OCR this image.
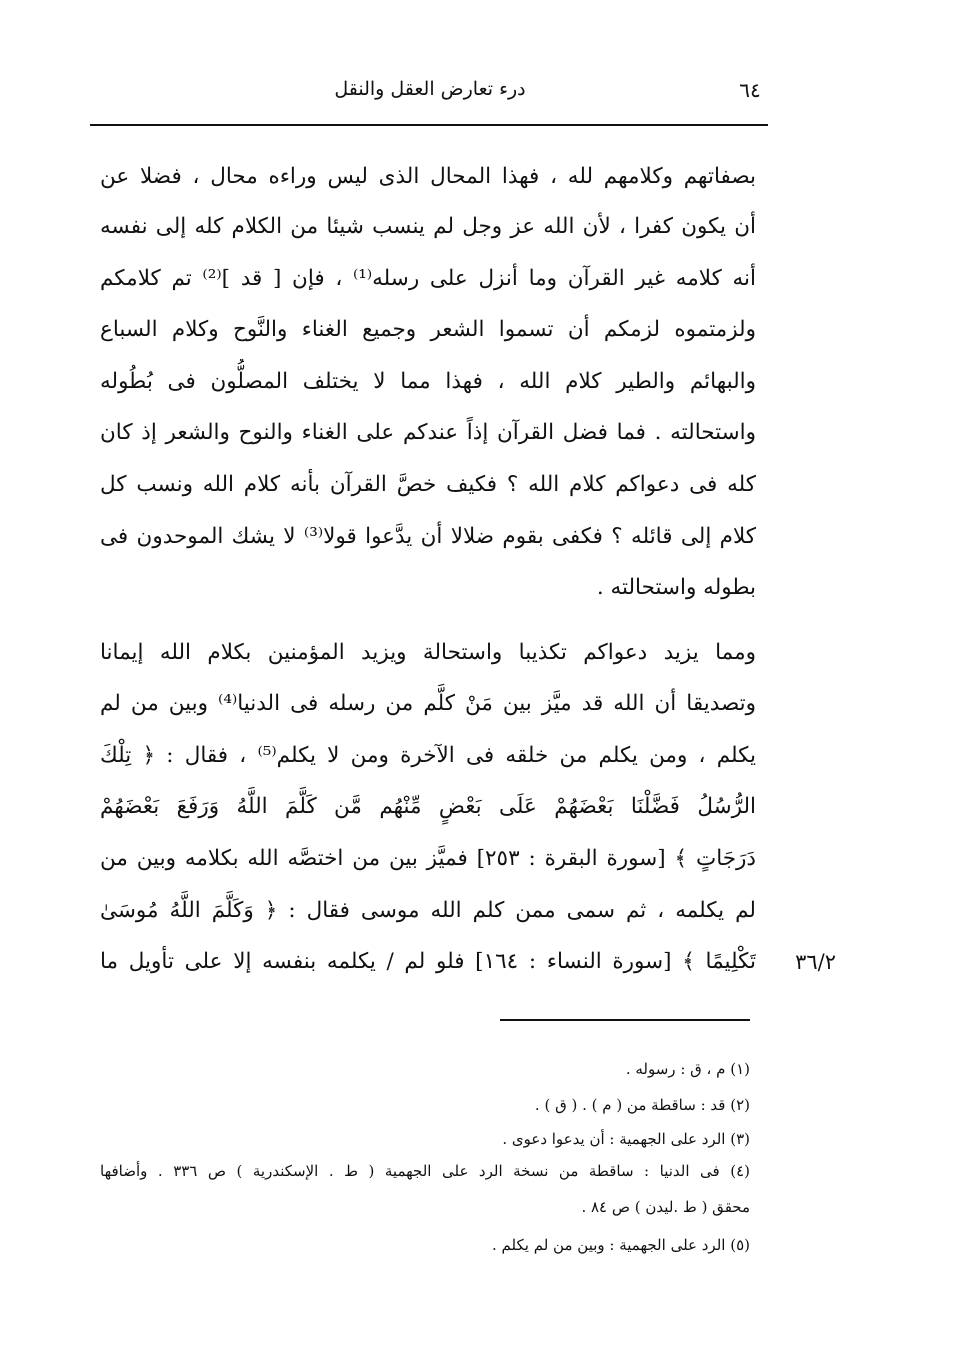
درء تعارض العقل والنقل	٦٤
بصفاتهم وكلامهم لله ، فهذا المحال الذى ليس وراءه محال ، فضلا عن
أن يكون كفرا ، لأن الله عز وجل لم ينسب شيئا من الكلام كله إلى نفسه
أنه كلامه غير القرآن وما أنزل على رسله⁽¹⁾ ، فإن [ قد ]⁽²⁾ تم كلامكم
ولزمتموه لزمكم أن تسموا الشعر وجميع الغناء والنَّوح وكلام السباع
والبهائم والطير كلام الله ، فهذا مما لا يختلف المصلُّون فى بُطُوله
واستحالته . فما فضل القرآن إذاً عندكم على الغناء والنوح والشعر إذ كان
كله فى دعواكم كلام الله ؟ فكيف خصَّ القرآن بأنه كلام الله ونسب كل
كلام إلى قائله ؟ فكفى بقوم ضلالا أن يدَّعوا قولا⁽³⁾ لا يشك الموحدون فى
بطوله واستحالته .
ومما يزيد دعواكم تكذيبا واستحالة ويزيد المؤمنين بكلام الله إيمانا
وتصديقا أن الله قد ميَّز بين مَنْ كلَّم من رسله فى الدنيا⁽⁴⁾ وبين من لم
يكلم ، ومن يكلم من خلقه فى الآخرة ومن لا يكلم⁽⁵⁾ ، فقال : ﴿ تِلْكَ
الرُّسُلُ فَضَّلْنَا بَعْضَهُمْ عَلَى بَعْضٍ مِّنْهُم مَّن كَلَّمَ اللَّهُ وَرَفَعَ بَعْضَهُمْ
دَرَجَاتٍ ﴾ [سورة البقرة : ٢٥٣] فميَّز بين من اختصَّه الله بكلامه وبين من
لم يكلمه ، ثم سمى ممن كلم الله موسى فقال : ﴿ وَكَلَّمَ اللَّهُ مُوسَىٰ
تَكْلِيمًا ﴾ [سورة النساء : ١٦٤] فلو لم / يكلمه بنفسه إلا على تأويل ما	٣٦/٢
(١) م ، ق : رسوله .
(٢) قد : ساقطة من ( م ) . ( ق ) .
(٣) الرد على الجهمية : أن يدعوا دعوى .
(٤) فى الدنيا : ساقطة من نسخة الرد على الجهمية ( ط . الإسكندرية ) ص ٣٣٦ . وأضافها
محقق ( ط .ليدن ) ص ٨٤ .
(٥) الرد على الجهمية : وبين من لم يكلم .
